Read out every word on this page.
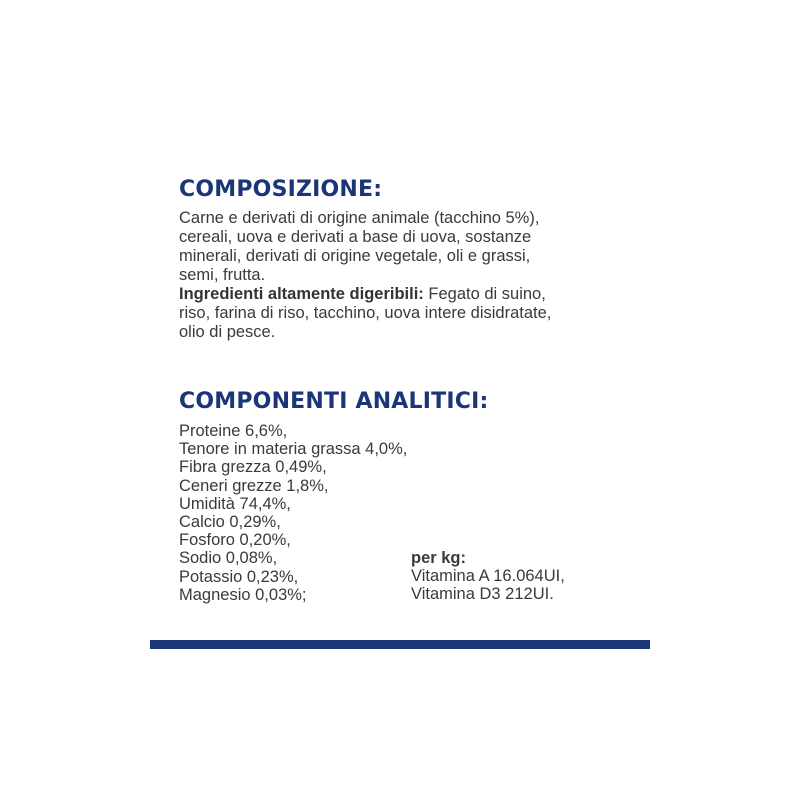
COMPOSIZIONE:

Carne e derivati di origine animale (tacchino 5%),
cereali, uova e derivati a base di uova, sostanze
minerali, derivati di origine vegetale, oli e grassi,
semi, frutta.
Ingredienti altamente digeribili: Fegato di suino,
riso, farina di riso, tacchino, uova intere disidratate,
olio di pesce.

COMPONENTI ANALITICI:
Proteine 6,6%,
Tenore in materia grassa 4,0%,
Fibra grezza 0,49%,
Ceneri grezze 1,8%,
Umidità 74,4%,
Calcio 0,29%,
Fosforo 0,20%,
Sodio 0,08%,
Potassio 0,23%,
Magnesio 0,03%;
per kg:
Vitamina A 16.064UI,
Vitamina D3 212UI.
